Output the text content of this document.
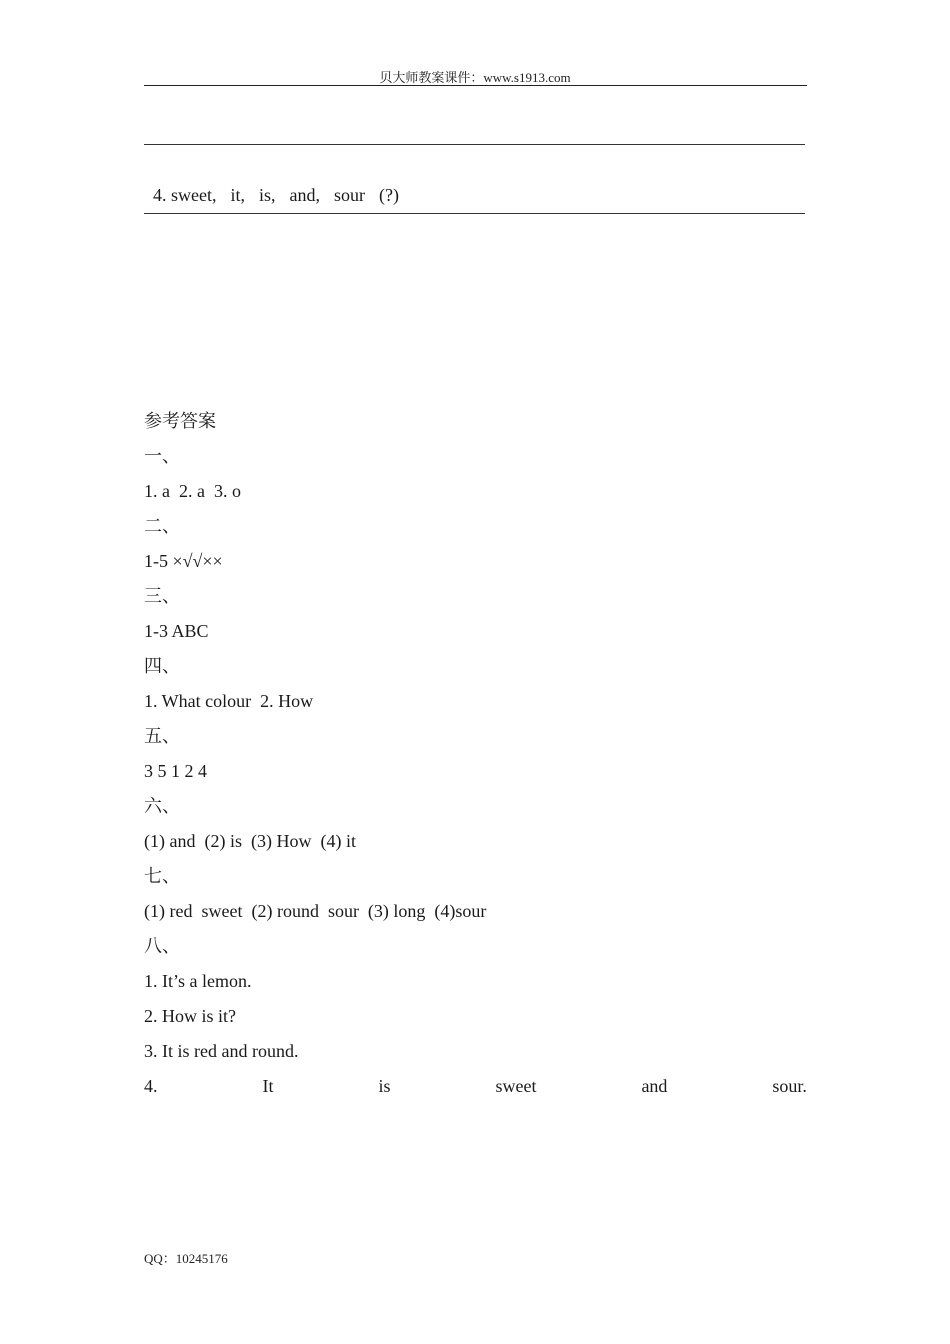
贝大师教案课件：www.s1913.com

4. sweet, it, is, and, sour (?)

参考答案
一、
1. a  2. a  3. o
二、
1-5 ×√√××
三、
1-3 ABC
四、
1. What colour  2. How
五、
3 5 1 2 4
六、
(1) and  (2) is  (3) How  (4) it
七、
(1) red  sweet  (2) round  sour  (3) long  (4)sour
八、
1. It’s a lemon.
2. How is it?
3. It is red and round.
4.	It	is	sweet	and	sour.
QQ：10245176
